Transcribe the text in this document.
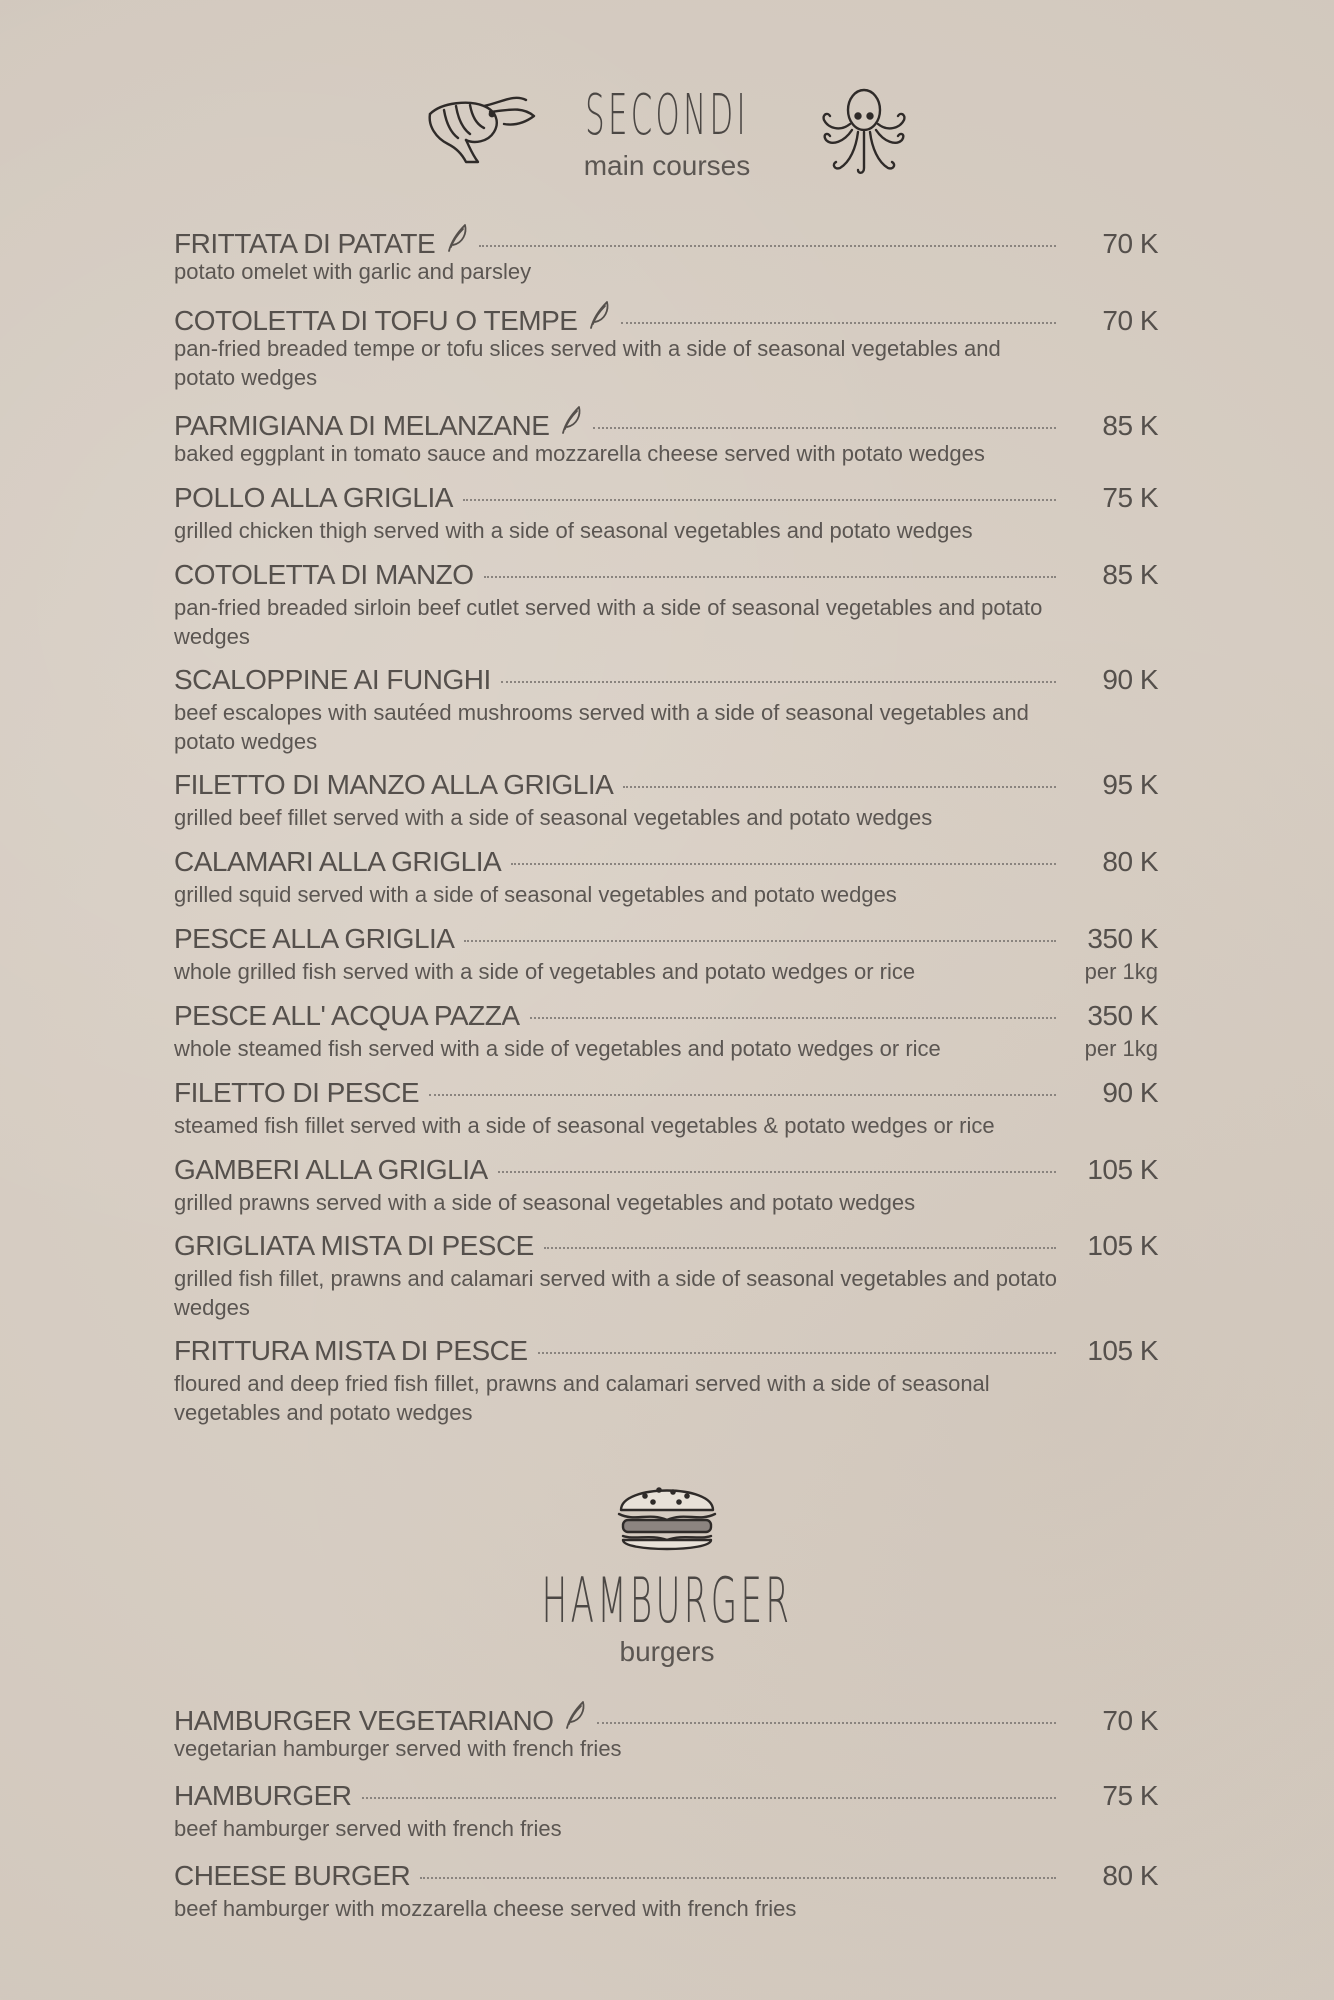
SECONDI
main courses
FRITTATA DI PATATE	70 K
potato omelet with garlic and parsley
COTOLETTA DI TOFU O TEMPE	70 K
pan-fried breaded tempe or tofu slices served with a side of seasonal vegetables and potato wedges
PARMIGIANA DI MELANZANE	85 K
baked eggplant in tomato sauce and mozzarella cheese served with potato wedges
POLLO ALLA GRIGLIA	75 K
grilled chicken thigh served with a side of seasonal vegetables and potato wedges
COTOLETTA DI MANZO	85 K
pan-fried breaded sirloin beef cutlet served with a side of seasonal vegetables and potato wedges
SCALOPPINE AI FUNGHI	90 K
beef escalopes with sautéed mushrooms served with a side of seasonal vegetables and potato wedges
FILETTO DI MANZO ALLA GRIGLIA	95 K
grilled beef fillet served with a side of seasonal vegetables and potato wedges
CALAMARI ALLA GRIGLIA	80 K
grilled squid served with a side of seasonal vegetables and potato wedges
PESCE ALLA GRIGLIA	350 K
per 1kg
whole grilled fish served with a side of vegetables and potato wedges or rice
PESCE ALL' ACQUA PAZZA	350 K
per 1kg
whole steamed fish served with a side of vegetables and potato wedges or rice
FILETTO DI PESCE	90 K
steamed fish fillet served with a side of seasonal vegetables & potato wedges or rice
GAMBERI ALLA GRIGLIA	105 K
grilled prawns served with a side of seasonal vegetables and potato wedges
GRIGLIATA MISTA DI PESCE	105 K
grilled fish fillet, prawns and calamari served with a side of seasonal vegetables and potato wedges
FRITTURA MISTA DI PESCE	105 K
floured and deep fried fish fillet, prawns and calamari served with a side of seasonal vegetables and potato wedges
HAMBURGER
burgers
HAMBURGER VEGETARIANO	70 K
vegetarian hamburger served with french fries
HAMBURGER	75 K
beef hamburger served with french fries
CHEESE BURGER	80 K
beef hamburger with mozzarella cheese served with french fries
